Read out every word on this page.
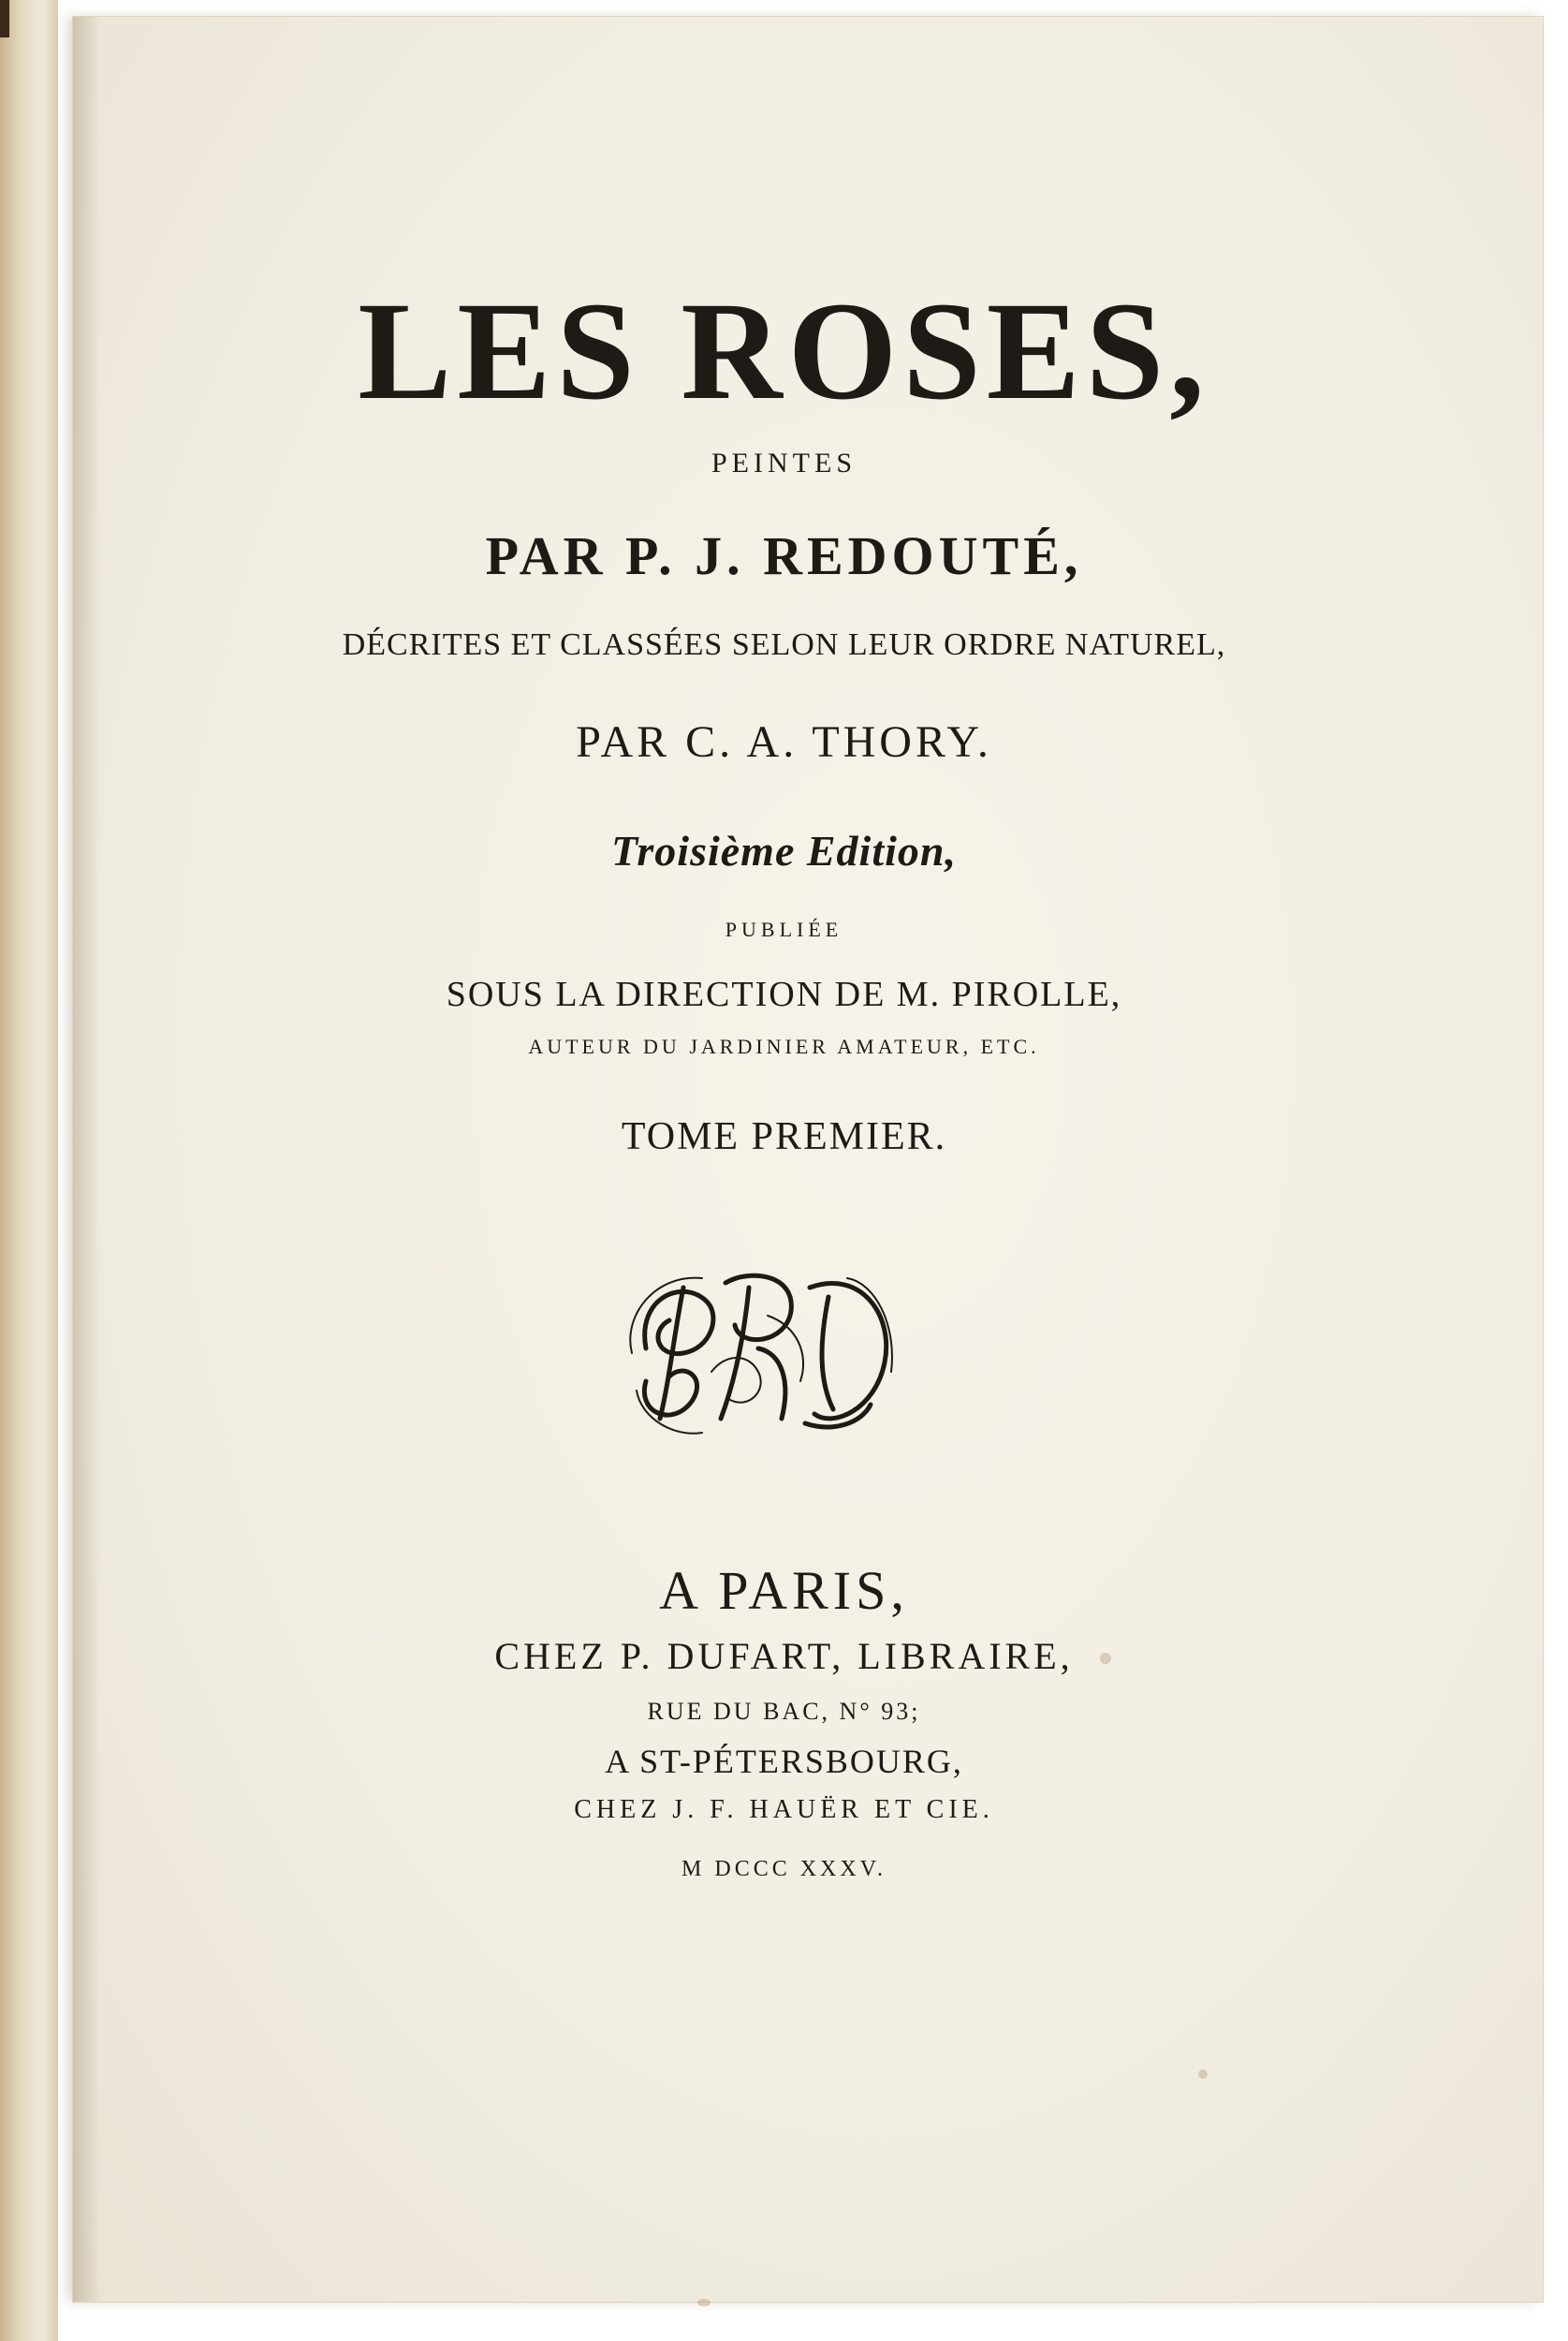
LES ROSES,
PEINTES
PAR P. J. REDOUTÉ,
DÉCRITES ET CLASSÉES SELON LEUR ORDRE NATUREL,
PAR C. A. THORY.
Troisième Edition,
PUBLIÉE
SOUS LA DIRECTION DE M. PIROLLE,
AUTEUR DU JARDINIER AMATEUR, ETC.
TOME PREMIER.
A PARIS,
CHEZ P. DUFART, LIBRAIRE,
RUE DU BAC, N° 93;
A ST-PÉTERSBOURG,
CHEZ J. F. HAUËR ET CIE.
M DCCC XXXV.
